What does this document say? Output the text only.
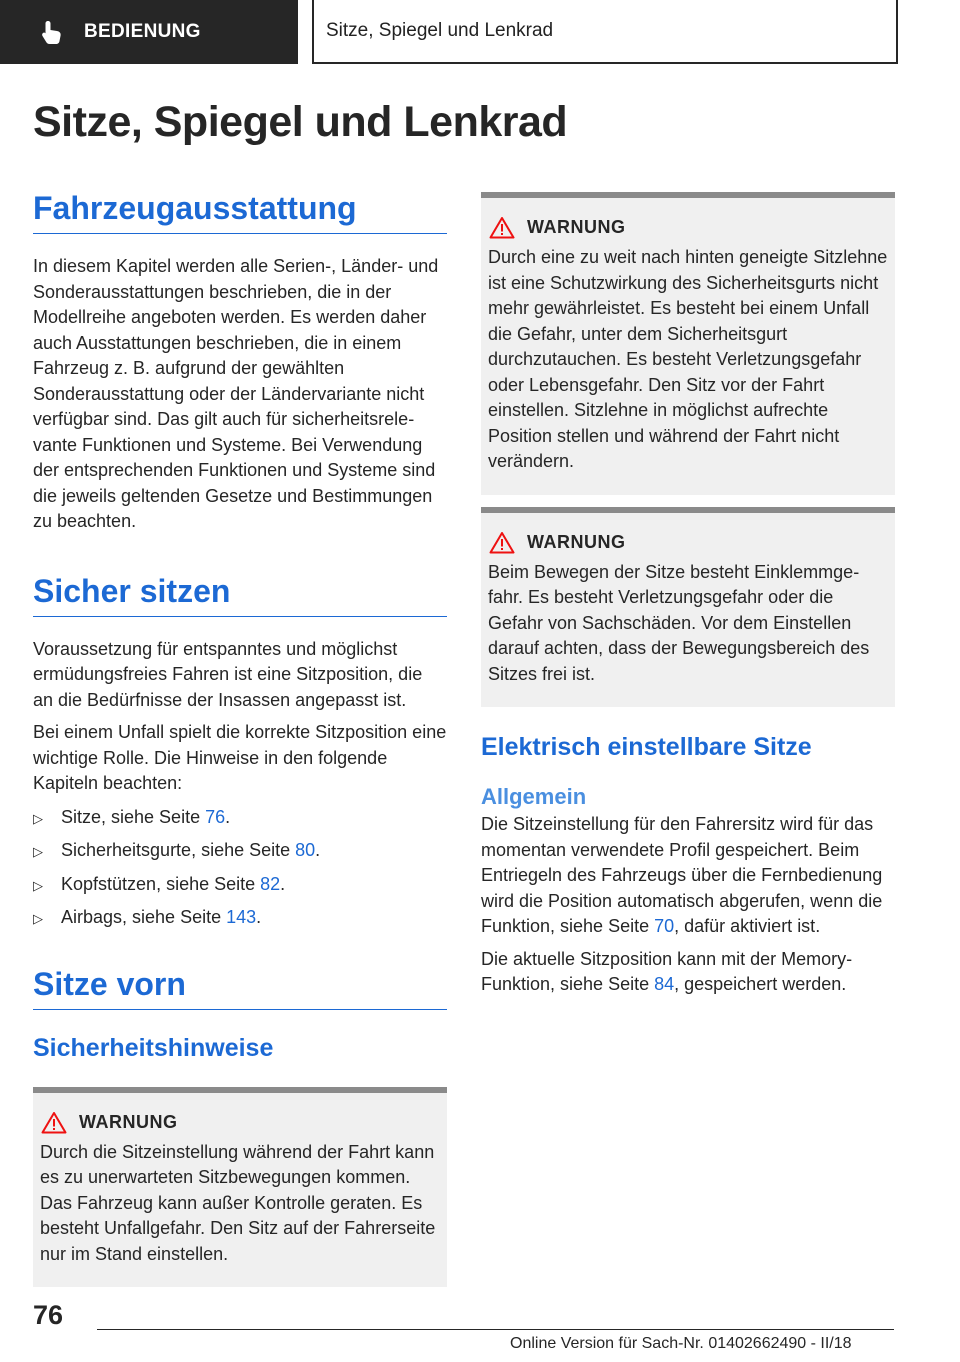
BEDIENUNG	Sitze, Spiegel und Lenkrad
Sitze, Spiegel und Lenkrad
Fahrzeugausstattung

In diesem Kapitel werden alle Serien-, Länder- und Sonderausstattungen beschrieben, die in der Modellreihe angeboten werden. Es werden daher auch Ausstattungen beschrieben, die in einem Fahrzeug z. B. aufgrund der gewählten Sonderausstattung oder der Ländervariante nicht verfügbar sind. Das gilt auch für sicherheitsrelevante Funktionen und Systeme. Bei Verwendung der entsprechenden Funktionen und Systeme sind die jeweils geltenden Gesetze und Bestimmungen zu beachten.

Sicher sitzen

Voraussetzung für entspanntes und möglichst ermüdungsfreies Fahren ist eine Sitzposition, die an die Bedürfnisse der Insassen angepasst ist.

Bei einem Unfall spielt die korrekte Sitzposition eine wichtige Rolle. Die Hinweise in den folgende Kapiteln beachten:

▷	Sitze, siehe Seite 76.
▷	Sicherheitsgurte, siehe Seite 80.
▷	Kopfstützen, siehe Seite 82.
▷	Airbags, siehe Seite 143.
Sitze vorn
Sicherheitshinweise
WARNUNG

Durch die Sitzeinstellung während der Fahrt kann es zu unerwarteten Sitzbewegungen kommen. Das Fahrzeug kann außer Kontrolle geraten. Es besteht Unfallgefahr. Den Sitz auf der Fahrerseite nur im Stand einstellen.

WARNUNG

Durch eine zu weit nach hinten geneigte Sitzlehne ist eine Schutzwirkung des Sicherheitsgurts nicht mehr gewährleistet. Es besteht bei einem Unfall die Gefahr, unter dem Sicherheitsgurt durchzutauchen. Es besteht Verletzungsgefahr oder Lebensgefahr. Den Sitz vor der Fahrt einstellen. Sitzlehne in möglichst aufrechte Position stellen und während der Fahrt nicht verändern.

WARNUNG

Beim Bewegen der Sitze besteht Einklemmgefahr. Es besteht Verletzungsgefahr oder die Gefahr von Sachschäden. Vor dem Einstellen darauf achten, dass der Bewegungsbereich des Sitzes frei ist.

Elektrisch einstellbare Sitze
Allgemein

Die Sitzeinstellung für den Fahrersitz wird für das momentan verwendete Profil gespeichert. Beim Entriegeln des Fahrzeugs über die Fernbedienung wird die Position automatisch abgerufen, wenn die Funktion, siehe Seite 70, dafür aktiviert ist.

Die aktuelle Sitzposition kann mit der Memory-Funktion, siehe Seite 84, gespeichert werden.

76
Online Version für Sach-Nr. 01402662490 - II/18
